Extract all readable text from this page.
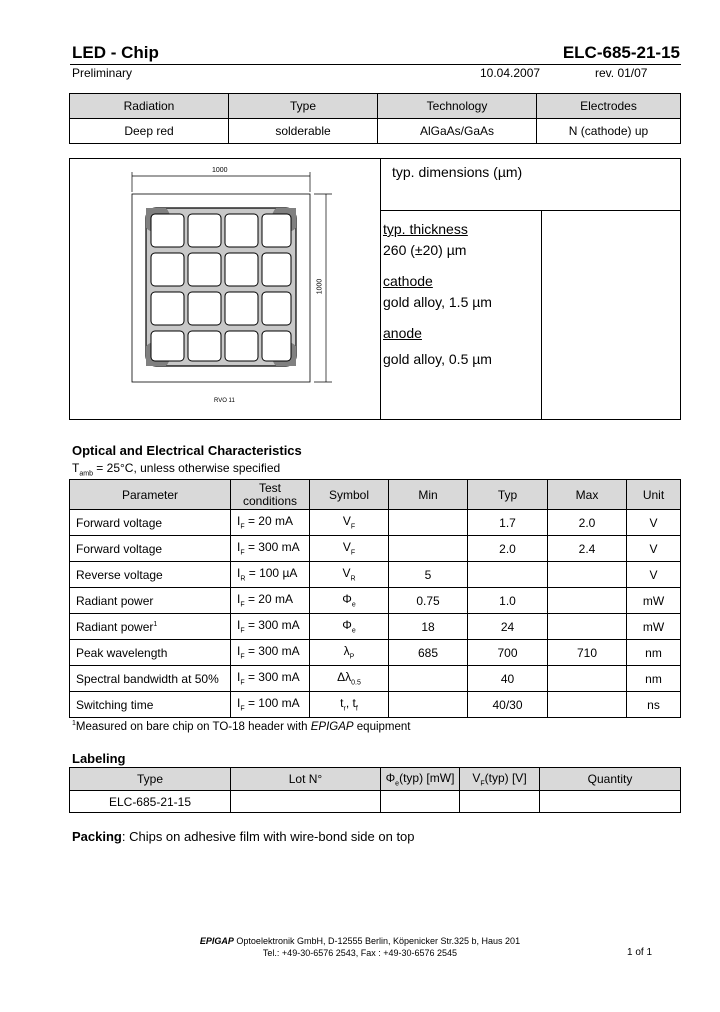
LED - Chip	ELC-685-21-15
Preliminary	10.04.2007	rev. 01/07
Radiation	Type	Technology	Electrodes
Deep red	solderable	AlGaAs/GaAs	N (cathode) up
1000
1000
RVO 11
typ. dimensions (µm)
typ. thickness
260 (±20) µm
cathode
gold alloy, 1.5 µm
anode
gold alloy, 0.5 µm
Optical and Electrical Characteristics
$T_{amb} = 25^\circ C$, unless otherwise specified
Parameter	Test conditions	Symbol	Min	Typ	Max	Unit
Forward voltage	$I_F = 20$ mA	$V_F$		1.7	2.0	V
Forward voltage	$I_F = 300$ mA	$V_F$		2.0	2.4	V
Reverse voltage	$I_R = 100$ µA	$V_R$	5			V
Radiant power	$I_F = 20$ mA	$\Phi_e$	0.75	1.0		mW
Radiant power$^1$	$I_F = 300$ mA	$\Phi_e$	18	24		mW
Peak wavelength	$I_F = 300$ mA	$\lambda_P$	685	700	710	nm
Spectral bandwidth at 50%	$I_F = 300$ mA	$\Delta\lambda_{0.5}$		40		nm
Switching time	$I_F = 100$ mA	$t_r$, $t_f$		40/30		ns
$^1$Measured on bare chip on TO-18 header with EPIGAP equipment
Labeling
Type	Lot N°	$\Phi_e(typ)$ [mW]	$V_F(typ)$ [V]	Quantity
ELC-685-21-15				
Packing: Chips on adhesive film with wire-bond side on top
EPIGAP Optoelektronik GmbH, D-12555 Berlin, Köpenicker Str.325 b, Haus 201
Tel.: +49-30-6576 2543, Fax : +49-30-6576 2545	1 of 1
